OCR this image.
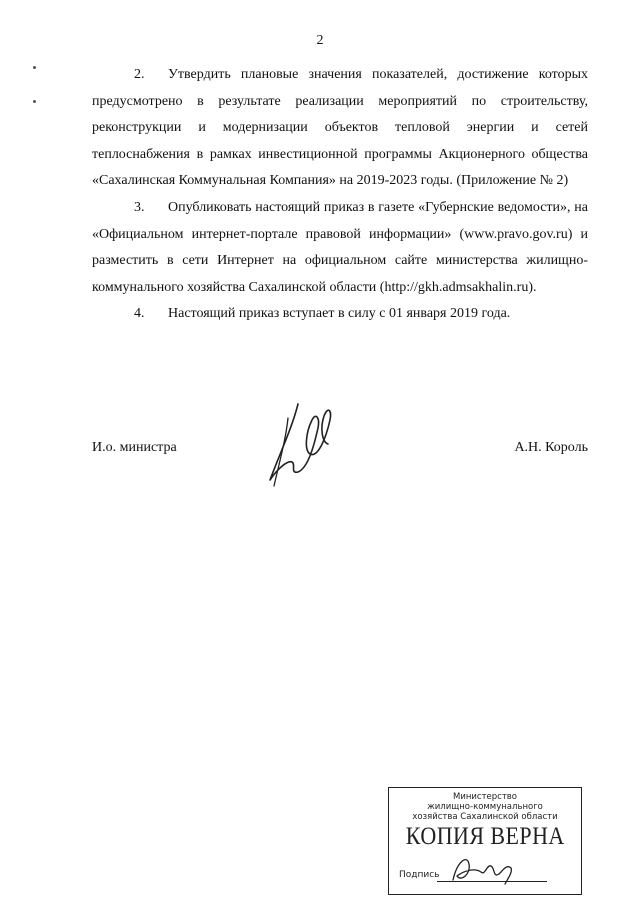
2

2. Утвердить плановые значения показателей, достижение которых предусмотрено в результате реализации мероприятий по строительству, реконструкции и модернизации объектов тепловой энергии и сетей теплоснабжения в рамках инвестиционной программы Акционерного общества «Сахалинская Коммунальная Компания» на 2019-2023 годы. (Приложение № 2)

3. Опубликовать настоящий приказ в газете «Губернские ведомости», на «Официальном интернет-портале правовой информации» (www.pravo.gov.ru) и разместить в сети Интернет на официальном сайте министерства жилищно-коммунального хозяйства Сахалинской области (http://gkh.admsakhalin.ru).

4. Настоящий приказ вступает в силу с 01 января 2019 года.

И.о. министра	А.Н. Король
Министерство
жилищно-коммунального
хозяйства Сахалинской области
КОПИЯ ВЕРНА
Подпись
